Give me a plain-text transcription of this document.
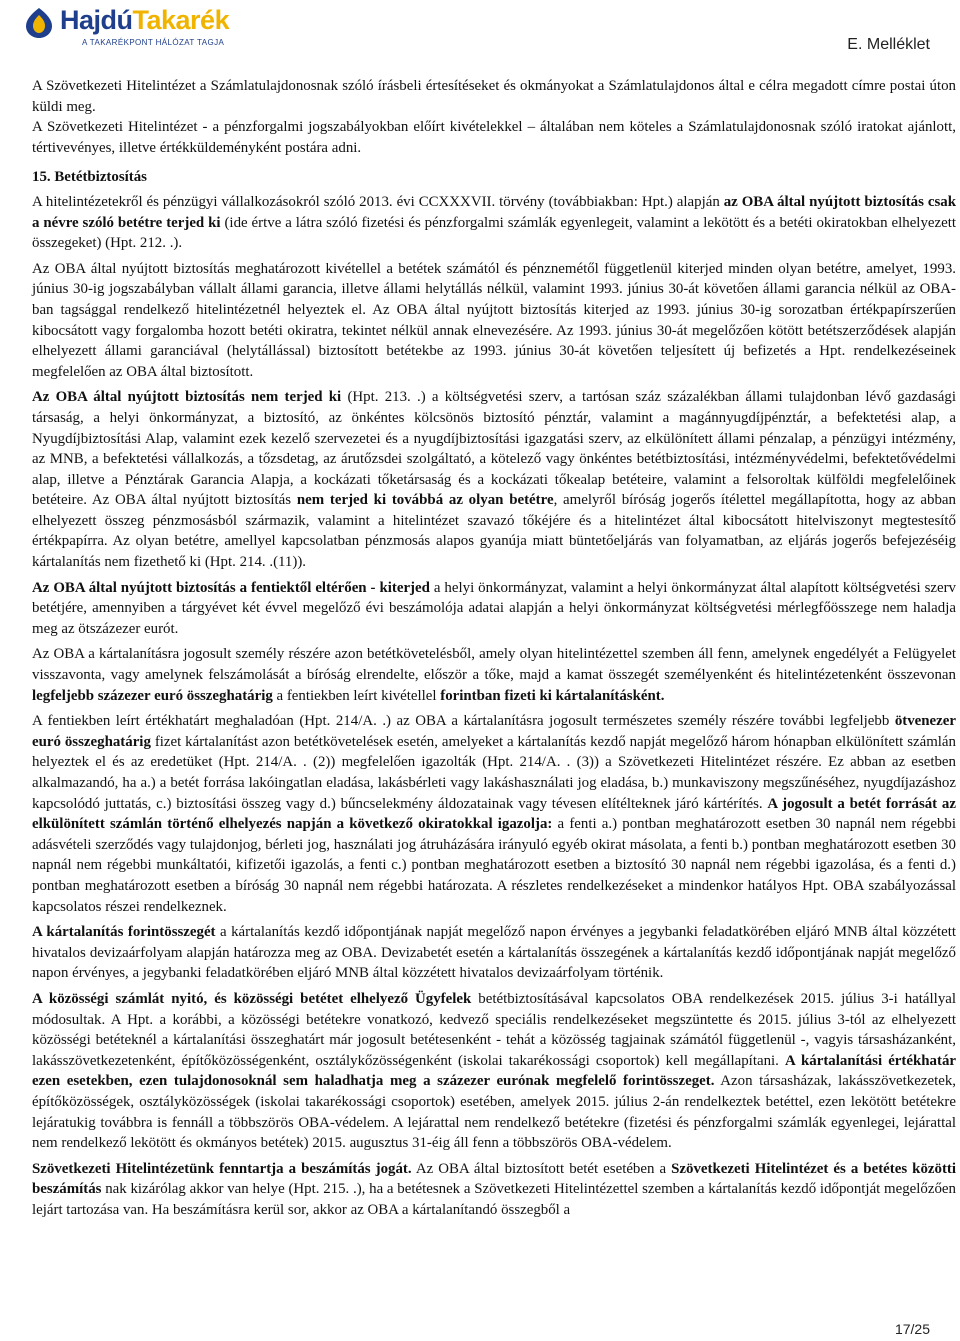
HajdúTakarék
A TAKARÉKPONT HÁLÓZAT TAGJA	E. Melléklet

A Szövetkezeti Hitelintézet a Számlatulajdonosnak szóló írásbeli értesítéseket és okmányokat a Számlatulajdonos által e célra megadott címre postai úton küldi meg.

A Szövetkezeti Hitelintézet - a pénzforgalmi jogszabályokban előírt kivételekkel – általában nem köteles a Számlatulajdonosnak szóló iratokat ajánlott, tértivevényes, illetve értékküldeményként postára adni.

15. Betétbiztosítás

A hitelintézetekről és pénzügyi vállalkozásokról szóló 2013. évi CCXXXVII. törvény (továbbiakban: Hpt.) alapján az OBA által nyújtott biztosítás csak a névre szóló betétre terjed ki (ide értve a látra szóló fizetési és pénzforgalmi számlák egyenlegeit, valamint a lekötött és a betéti okiratokban elhelyezett összegeket) (Hpt. 212. .).

Az OBA által nyújtott biztosítás meghatározott kivétellel a betétek számától és pénznemétől függetlenül kiterjed minden olyan betétre, amelyet, 1993. június 30-ig jogszabályban vállalt állami garancia, illetve állami helytállás nélkül, valamint 1993. június 30-át követően állami garancia nélkül az OBA-ban tagsággal rendelkező hitelintézetnél helyeztek el. Az OBA által nyújtott biztosítás kiterjed az 1993. június 30-ig sorozatban értékpapírszerűen kibocsátott vagy forgalomba hozott betéti okiratra, tekintet nélkül annak elnevezésére. Az 1993. június 30-át megelőzően kötött betétszerződések alapján elhelyezett állami garanciával (helytállással) biztosított betétekbe az 1993. június 30-át követően teljesített új befizetés a Hpt. rendelkezéseinek megfelelően az OBA által biztosított.

Az OBA által nyújtott biztosítás nem terjed ki (Hpt. 213. .) a költségvetési szerv, a tartósan száz százalékban állami tulajdonban lévő gazdasági társaság, a helyi önkormányzat, a biztosító, az önkéntes kölcsönös biztosító pénztár, valamint a magánnyugdíjpénztár, a befektetési alap, a Nyugdíjbiztosítási Alap, valamint ezek kezelő szervezetei és a nyugdíjbiztosítási igazgatási szerv, az elkülönített állami pénzalap, a pénzügyi intézmény, az MNB, a befektetési vállalkozás, a tőzsdetag, az árutőzsdei szolgáltató, a kötelező vagy önkéntes betétbiztosítási, intézményvédelmi, befektetővédelmi alap, illetve a Pénztárak Garancia Alapja, a kockázati tőketársaság és a kockázati tőkealap betéteire, valamint a felsoroltak külföldi megfelelőinek betéteire. Az OBA által nyújtott biztosítás nem terjed ki továbbá az olyan betétre, amelyről bíróság jogerős ítélettel megállapította, hogy az abban elhelyezett összeg pénzmosásból származik, valamint a hitelintézet szavazó tőkéjére és a hitelintézet által kibocsátott hitelviszonyt megtestesítő értékpapírra. Az olyan betétre, amellyel kapcsolatban pénzmosás alapos gyanúja miatt büntetőeljárás van folyamatban, az eljárás jogerős befejezéséig kártalanítás nem fizethető ki (Hpt. 214. .(11)).

Az OBA által nyújtott biztosítás a fentiektől eltérően - kiterjed a helyi önkormányzat, valamint a helyi önkormányzat által alapított költségvetési szerv betétjére, amennyiben a tárgyévet két évvel megelőző évi beszámolója adatai alapján a helyi önkormányzat költségvetési mérlegfőösszege nem haladja meg az ötszázezer eurót.

Az OBA a kártalanításra jogosult személy részére azon betétkövetelésből, amely olyan hitelintézettel szemben áll fenn, amelynek engedélyét a Felügyelet visszavonta, vagy amelynek felszámolását a bíróság elrendelte, először a tőke, majd a kamat összegét személyenként és hitelintézetenként összevonan legfeljebb százezer euró összeghatárig a fentiekben leírt kivétellel forintban fizeti ki kártalanításként.

A fentiekben leírt értékhatárt meghaladóan (Hpt. 214/A. .) az OBA a kártalanításra jogosult természetes személy részére további legfeljebb ötvenezer euró összeghatárig fizet kártalanítást azon betétkövetelések esetén, amelyeket a kártalanítás kezdő napját megelőző három hónapban elkülönített számlán helyeztek el és az eredetüket (Hpt. 214/A. . (2)) megfelelően igazolták (Hpt. 214/A. . (3)) a Szövetkezeti Hitelintézet részére. Ez abban az esetben alkalmazandó, ha a.) a betét forrása lakóingatlan eladása, lakásbérleti vagy lakáshasználati jog eladása, b.) munkaviszony megszűnéséhez, nyugdíjazáshoz kapcsolódó juttatás, c.) biztosítási összeg vagy d.) bűncselekmény áldozatainak vagy tévesen elítélteknek járó kártérítés. A jogosult a betét forrását az elkülönített számlán történő elhelyezés napján a következő okiratokkal igazolja: a fenti a.) pontban meghatározott esetben 30 napnál nem régebbi adásvételi szerződés vagy tulajdonjog, bérleti jog, használati jog átruházására irányuló egyéb okirat másolata, a fenti b.) pontban meghatározott esetben 30 napnál nem régebbi munkáltatói, kifizetői igazolás, a fenti c.) pontban meghatározott esetben a biztosító 30 napnál nem régebbi igazolása, és a fenti d.) pontban meghatározott esetben a bíróság 30 napnál nem régebbi határozata. A részletes rendelkezéseket a mindenkor hatályos Hpt. OBA szabályozással kapcsolatos részei rendelkeznek.

A kártalanítás forintösszegét a kártalanítás kezdő időpontjának napját megelőző napon érvényes a jegybanki feladatkörében eljáró MNB által közzétett hivatalos devizaárfolyam alapján határozza meg az OBA. Devizabetét esetén a kártalanítás összegének a kártalanítás kezdő időpontjának napját megelőző napon érvényes, a jegybanki feladatkörében eljáró MNB által közzétett hivatalos devizaárfolyam történik.

A közösségi számlát nyitó, és közösségi betétet elhelyező Ügyfelek betétbiztosításával kapcsolatos OBA rendelkezések 2015. július 3-i hatállyal módosultak. A Hpt. a korábbi, a közösségi betétekre vonatkozó, kedvező speciális rendelkezéseket megszüntette és 2015. július 3-tól az elhelyezett közösségi betéteknél a kártalanítási összeghatárt már jogosult betétesenként - tehát a közösség tagjainak számától függetlenül -, vagyis társasházanként, lakásszövetkezetenként, építőközösségenként, osztálykőzösségenként (iskolai takarékossági csoportok) kell megállapítani. A kártalanítási értékhatár ezen esetekben, ezen tulajdonosoknál sem haladhatja meg a százezer eurónak megfelelő forintösszeget. Azon társasházak, lakásszövetkezetek, építőközösségek, osztályközösségek (iskolai takarékossági csoportok) esetében, amelyek 2015. július 2-án rendelkeztek betéttel, ezen lekötött betétekre lejáratukig továbbra is fennáll a többszörös OBA-védelem. A lejárattal nem rendelkező betétekre (fizetési és pénzforgalmi számlák egyenlegei, lejárattal nem rendelkező lekötött és okmányos betétek) 2015. augusztus 31-éig áll fenn a többszörös OBA-védelem.

Szövetkezeti Hitelintézetünk fenntartja a beszámítás jogát. Az OBA által biztosított betét esetében a Szövetkezeti Hitelintézet és a betétes közötti beszámítás nak kizárólag akkor van helye (Hpt. 215. .), ha a betétesnek a Szövetkezeti Hitelintézettel szemben a kártalanítás kezdő időpontját megelőzően lejárt tartozása van. Ha beszámításra kerül sor, akkor az OBA a kártalanítandó összegből a

17/25
